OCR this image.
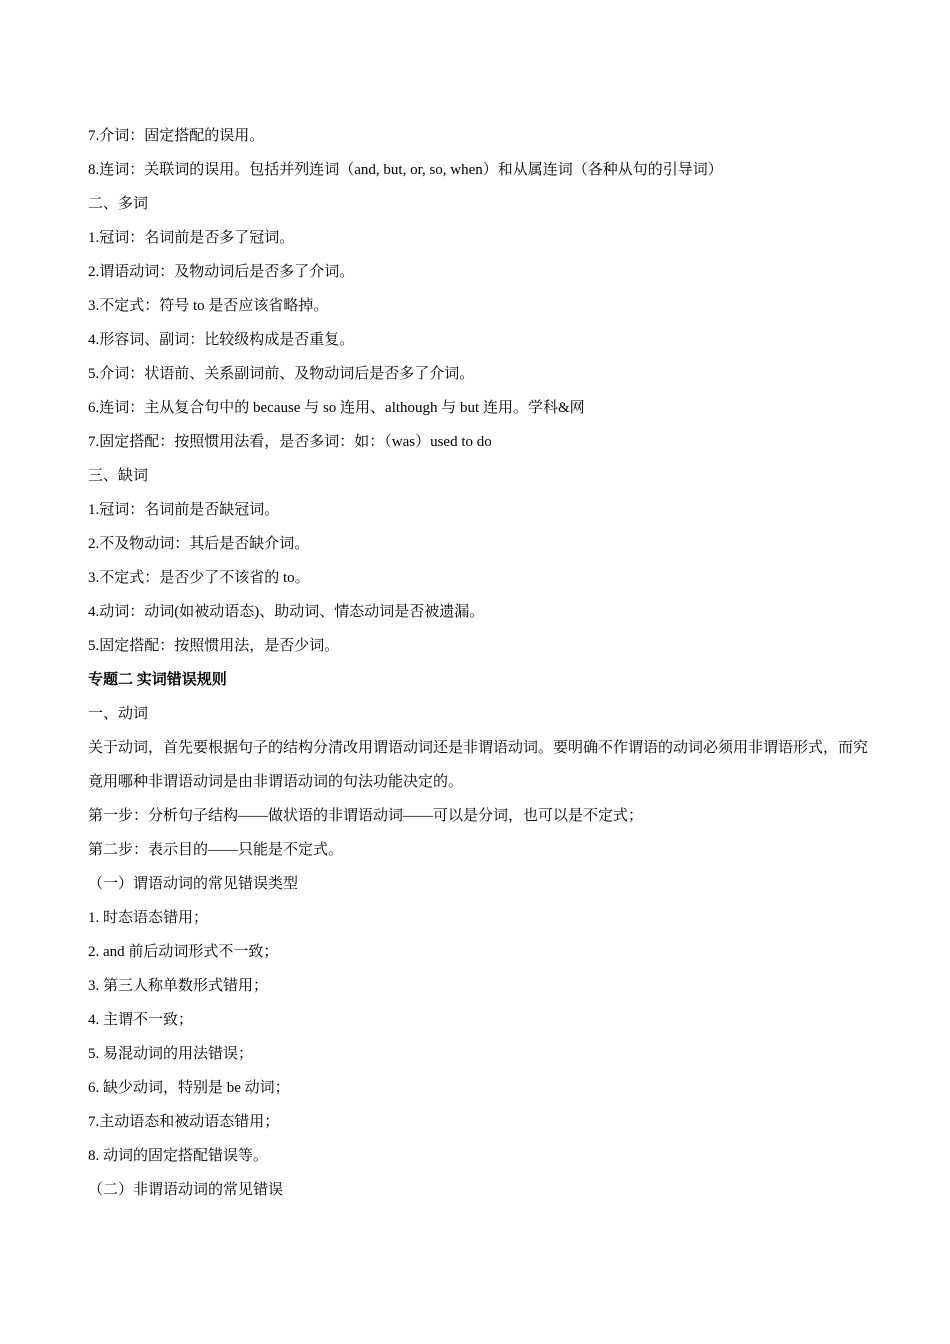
7.介词：固定搭配的误用。

8.连词：关联词的误用。包括并列连词（and, but, or, so, when）和从属连词（各种从句的引导词）

二、多词

1.冠词：名词前是否多了冠词。

2.谓语动词：及物动词后是否多了介词。

3.不定式：符号 to 是否应该省略掉。

4.形容词、副词：比较级构成是否重复。

5.介词：状语前、关系副词前、及物动词后是否多了介词。

6.连词：主从复合句中的 because 与 so 连用、although 与 but 连用。学科&网

7.固定搭配：按照惯用法看，是否多词：如：（was）used to do

三、缺词

1.冠词：名词前是否缺冠词。

2.不及物动词：其后是否缺介词。

3.不定式：是否少了不该省的 to。

4.动词：动词(如被动语态)、助动词、情态动词是否被遗漏。

5.固定搭配：按照惯用法，是否少词。

专题二 实词错误规则

一、动词

关于动词，首先要根据句子的结构分清改用谓语动词还是非谓语动词。要明确不作谓语的动词必须用非谓语形式，而究竟用哪种非谓语动词是由非谓语动词的句法功能决定的。

第一步：分析句子结构——做状语的非谓语动词——可以是分词，也可以是不定式；

第二步：表示目的——只能是不定式。

（一）谓语动词的常见错误类型

1. 时态语态错用；

2. and 前后动词形式不一致；

3. 第三人称单数形式错用；

4. 主谓不一致；

5. 易混动词的用法错误；

6. 缺少动词，特别是 be 动词；

7.主动语态和被动语态错用；

8. 动词的固定搭配错误等。

（二）非谓语动词的常见错误
